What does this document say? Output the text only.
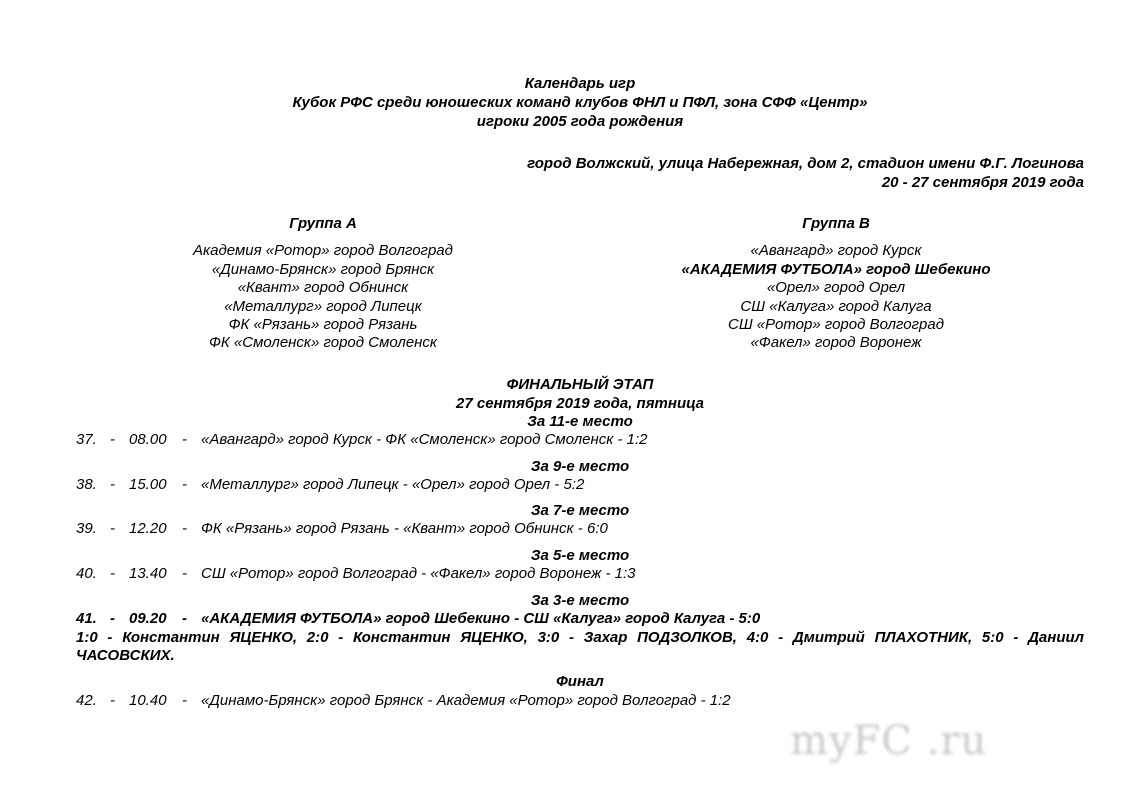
Календарь игр
Кубок РФС среди юношеских команд клубов ФНЛ и ПФЛ, зона СФФ «Центр»
игроки 2005 года рождения
город Волжский, улица Набережная, дом 2, стадион имени Ф.Г. Логинова
20 - 27 сентября 2019 года
Группа А
Академия «Ротор» город Волгоград
«Динамо-Брянск» город Брянск
«Квант» город Обнинск
«Металлург» город Липецк
ФК «Рязань» город Рязань
ФК «Смоленск» город Смоленск
Группа В
«Авангард» город Курск
«АКАДЕМИЯ ФУТБОЛА» город Шебекино
«Орел» город Орел
СШ «Калуга» город Калуга
СШ «Ротор» город Волгоград
«Факел» город Воронеж
ФИНАЛЬНЫЙ ЭТАП
27 сентября 2019 года, пятница
За 11-е место
37. - 08.00 - «Авангард» город Курск - ФК «Смоленск» город Смоленск - 1:2
За 9-е место
38. - 15.00 - «Металлург» город Липецк - «Орел» город Орел - 5:2
За 7-е место
39. - 12.20 - ФК «Рязань» город Рязань - «Квант» город Обнинск - 6:0
За 5-е место
40. - 13.40 - СШ «Ротор» город Волгоград - «Факел» город Воронеж - 1:3
За 3-е место
41. - 09.20 - «АКАДЕМИЯ ФУТБОЛА» город Шебекино - СШ «Калуга» город Калуга - 5:0
1:0 - Константин ЯЦЕНКО, 2:0 - Константин ЯЦЕНКО, 3:0 - Захар ПОДЗОЛКОВ, 4:0 - Дмитрий ПЛАХОТНИК, 5:0 - Даниил ЧАСОВСКИХ.
Финал
42. - 10.40 - «Динамо-Брянск» город Брянск - Академия «Ротор» город Волгоград - 1:2
myFC .ru
